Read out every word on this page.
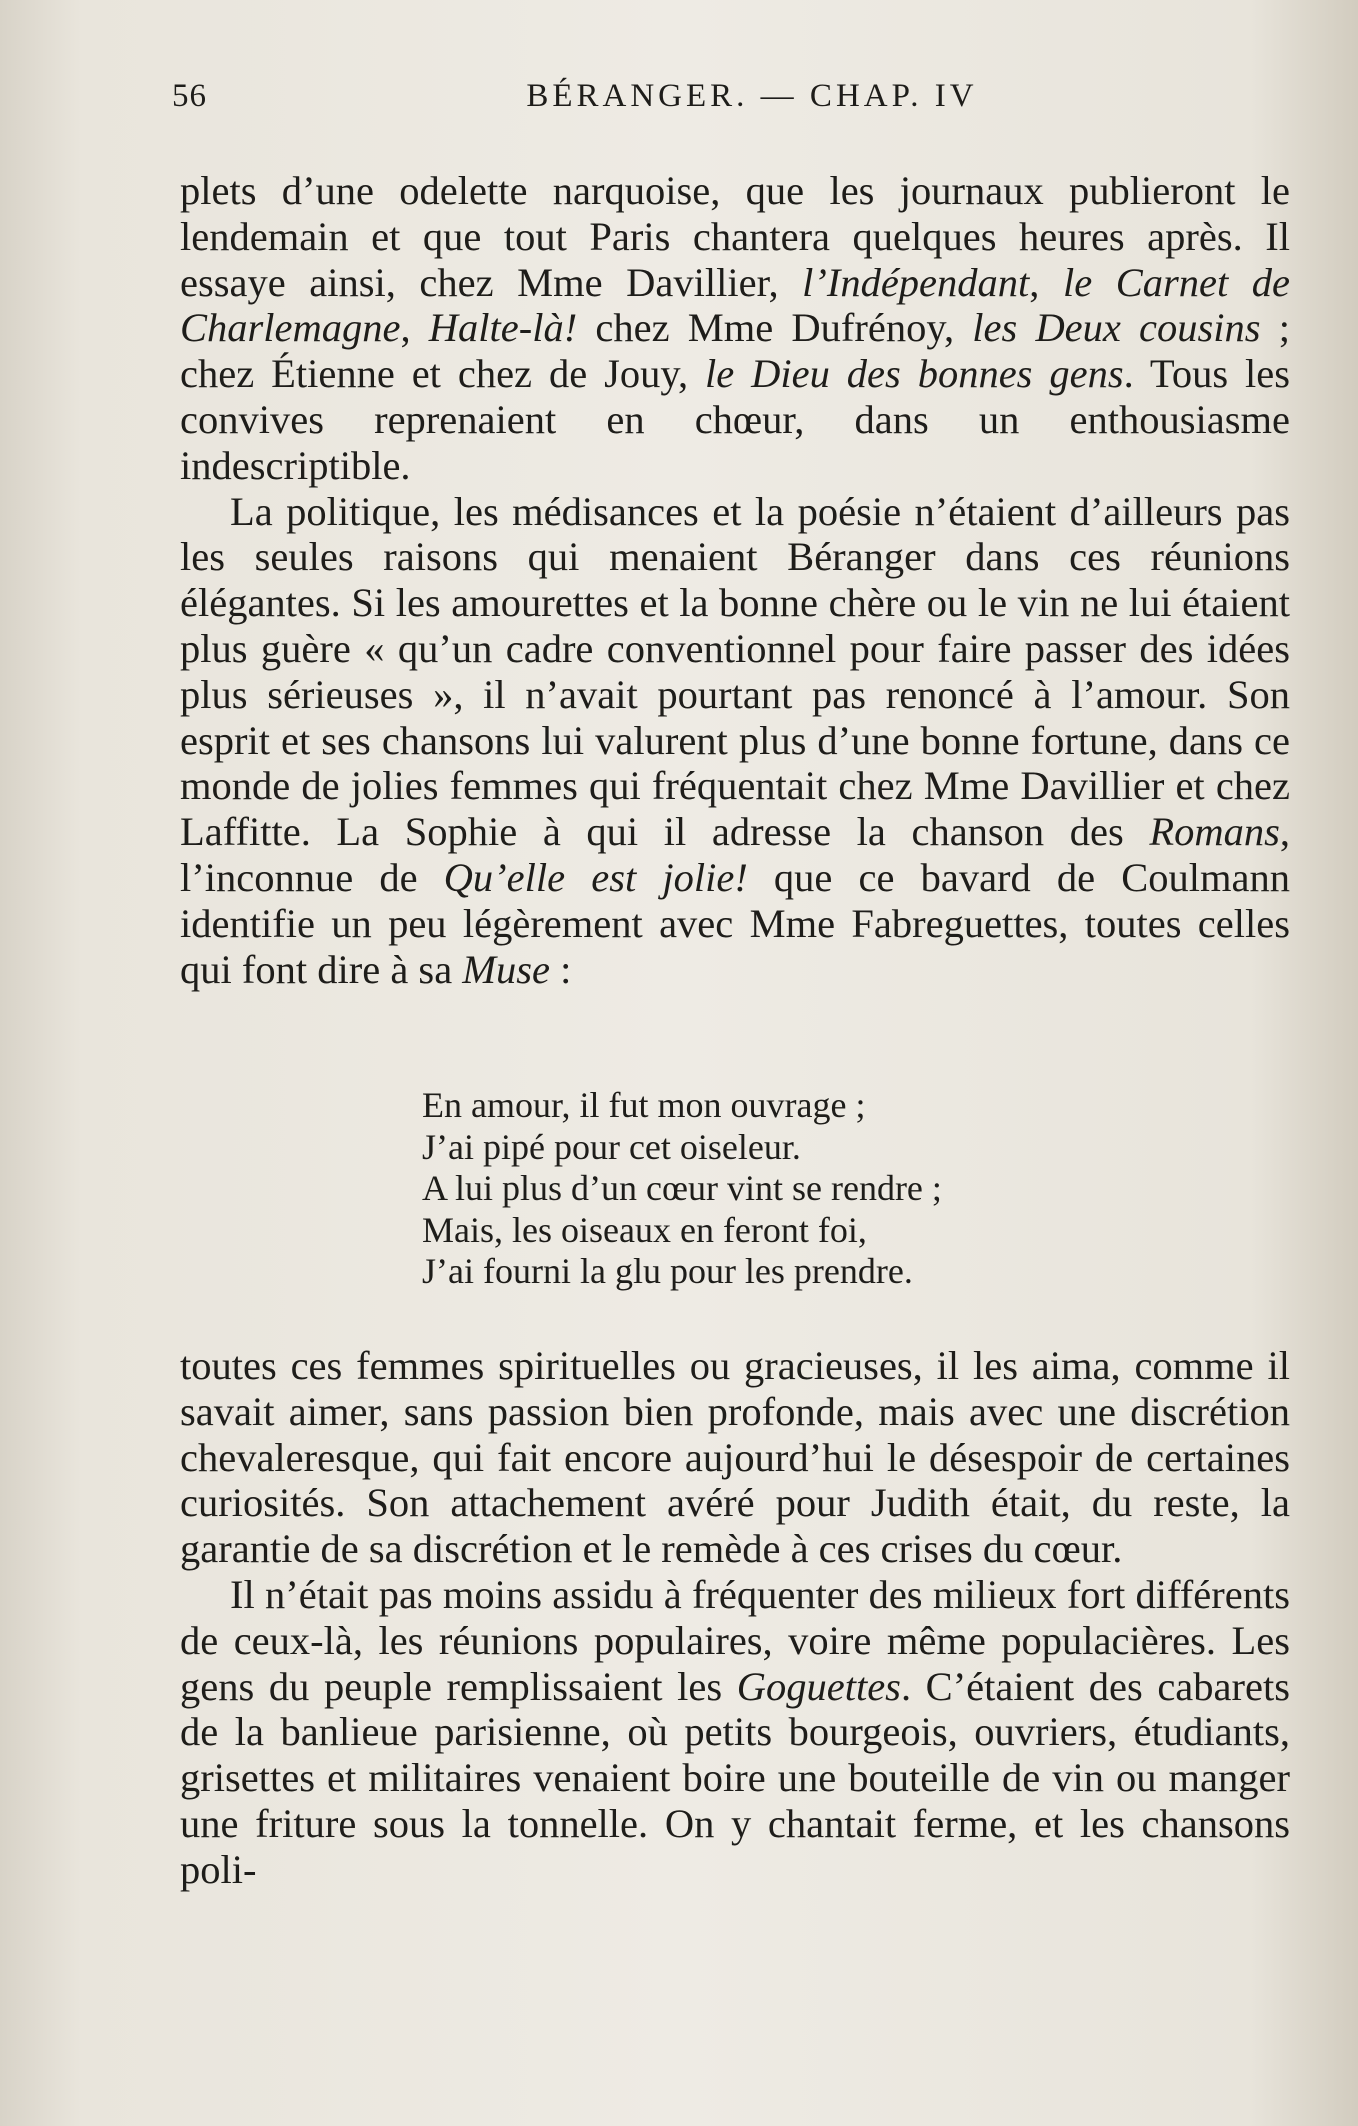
56	BÉRANGER. — CHAP. IV

plets d’une odelette narquoise, que les journaux publieront le lendemain et que tout Paris chantera quelques heures après. Il essaye ainsi, chez Mme Davillier, l’Indépendant, le Carnet de Charlemagne, Halte-là! chez Mme Dufrénoy, les Deux cousins ; chez Étienne et chez de Jouy, le Dieu des bonnes gens. Tous les convives reprenaient en chœur, dans un enthousiasme indescriptible.

La politique, les médisances et la poésie n’étaient d’ailleurs pas les seules raisons qui menaient Béranger dans ces réunions élégantes. Si les amourettes et la bonne chère ou le vin ne lui étaient plus guère « qu’un cadre conventionnel pour faire passer des idées plus sérieuses », il n’avait pourtant pas renoncé à l’amour. Son esprit et ses chansons lui valurent plus d’une bonne fortune, dans ce monde de jolies femmes qui fréquentait chez Mme Davillier et chez Laffitte. La Sophie à qui il adresse la chanson des Romans, l’inconnue de Qu’elle est jolie! que ce bavard de Coulmann identifie un peu légèrement avec Mme Fabreguettes, toutes celles qui font dire à sa Muse :

En amour, il fut mon ouvrage ;
J’ai pipé pour cet oiseleur.
A lui plus d’un cœur vint se rendre ;
Mais, les oiseaux en feront foi,
J’ai fourni la glu pour les prendre.

toutes ces femmes spirituelles ou gracieuses, il les aima, comme il savait aimer, sans passion bien profonde, mais avec une discrétion chevaleresque, qui fait encore aujourd’hui le désespoir de certaines curiosités. Son attachement avéré pour Judith était, du reste, la garantie de sa discrétion et le remède à ces crises du cœur.

Il n’était pas moins assidu à fréquenter des milieux fort différents de ceux-là, les réunions populaires, voire même populacières. Les gens du peuple remplissaient les Goguettes. C’étaient des cabarets de la banlieue parisienne, où petits bourgeois, ouvriers, étudiants, grisettes et militaires venaient boire une bouteille de vin ou manger une friture sous la tonnelle. On y chantait ferme, et les chansons poli-
